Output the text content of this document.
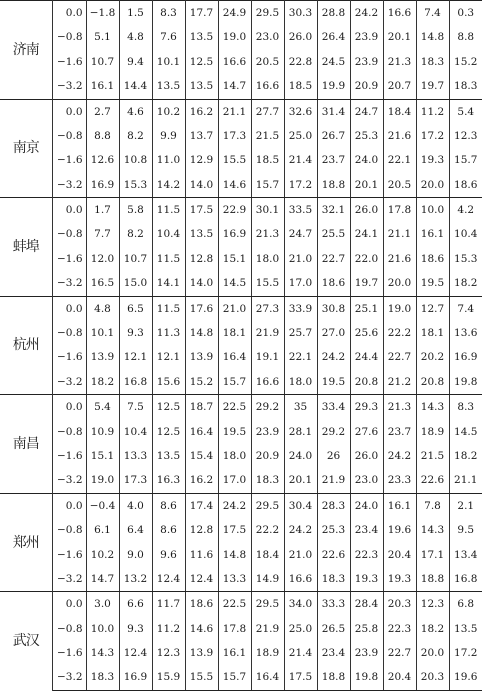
济南	0.0	−1.8	1.5	8.3	17.7	24.9	29.5	30.3	28.8	24.2	16.6	7.4	0.3
	−0.8	5.1	4.8	7.6	13.5	19.0	23.0	26.0	26.4	23.9	20.1	14.8	8.8
	−1.6	10.7	9.4	10.1	12.5	16.6	20.5	22.8	24.5	23.9	21.3	18.3	15.2
	−3.2	16.1	14.4	13.5	13.5	14.7	16.6	18.5	19.9	20.9	20.7	19.7	18.3
南京	0.0	2.7	4.6	10.2	16.2	21.1	27.7	32.6	31.4	24.7	18.4	11.2	5.4
	−0.8	8.8	8.2	9.9	13.7	17.3	21.5	25.0	26.7	25.3	21.6	17.2	12.3
	−1.6	12.6	10.8	11.0	12.9	15.5	18.5	21.4	23.7	24.0	22.1	19.3	15.7
	−3.2	16.9	15.3	14.2	14.0	14.6	15.7	17.2	18.8	20.1	20.5	20.0	18.6
蚌埠	0.0	1.7	5.8	11.5	17.5	22.9	30.1	33.5	32.1	26.0	17.8	10.0	4.2
	−0.8	7.7	8.2	10.4	13.5	16.9	21.3	24.7	25.5	24.1	21.1	16.1	10.4
	−1.6	12.0	10.7	11.5	12.8	15.1	18.0	21.0	22.7	22.0	21.6	18.6	15.3
	−3.2	16.5	15.0	14.1	14.0	14.5	15.5	17.0	18.6	19.7	20.0	19.5	18.2
杭州	0.0	4.8	6.5	11.5	17.6	21.0	27.3	33.9	30.8	25.1	19.0	12.7	7.4
	−0.8	10.1	9.3	11.3	14.8	18.1	21.9	25.7	27.0	25.6	22.2	18.1	13.6
	−1.6	13.9	12.1	12.1	13.9	16.4	19.1	22.1	24.2	24.4	22.7	20.2	16.9
	−3.2	18.2	16.8	15.6	15.2	15.7	16.6	18.0	19.5	20.8	21.2	20.8	19.8
南昌	0.0	5.4	7.5	12.5	18.7	22.5	29.2	35	33.4	29.3	21.3	14.3	8.3
	−0.8	10.9	10.4	12.5	16.4	19.5	23.9	28.1	29.2	27.6	23.7	18.9	14.5
	−1.6	15.1	13.3	13.5	15.4	18.0	20.9	24.0	26	26.0	24.2	21.5	18.2
	−3.2	19.0	17.3	16.3	16.2	17.0	18.3	20.1	21.9	23.0	23.3	22.6	21.1
郑州	0.0	−0.4	4.0	8.6	17.4	24.2	29.5	30.4	28.3	24.0	16.1	7.8	2.1
	−0.8	6.1	6.4	8.6	12.8	17.5	22.2	24.2	25.3	23.4	19.6	14.3	9.5
	−1.6	10.2	9.0	9.6	11.6	14.8	18.4	21.0	22.6	22.3	20.4	17.1	13.4
	−3.2	14.7	13.2	12.4	12.4	13.3	14.9	16.6	18.3	19.3	19.3	18.8	16.8
武汉	0.0	3.0	6.6	11.7	18.6	22.5	29.5	34.0	33.3	28.4	20.3	12.3	6.8
	−0.8	10.0	9.3	11.2	14.6	17.8	21.9	25.0	26.5	25.8	22.3	18.2	13.5
	−1.6	14.3	12.4	12.3	13.9	16.1	18.9	21.4	23.4	23.9	22.7	20.0	17.2
	−3.2	18.3	16.9	15.9	15.5	15.7	16.4	17.5	18.8	19.8	20.4	20.3	19.6
